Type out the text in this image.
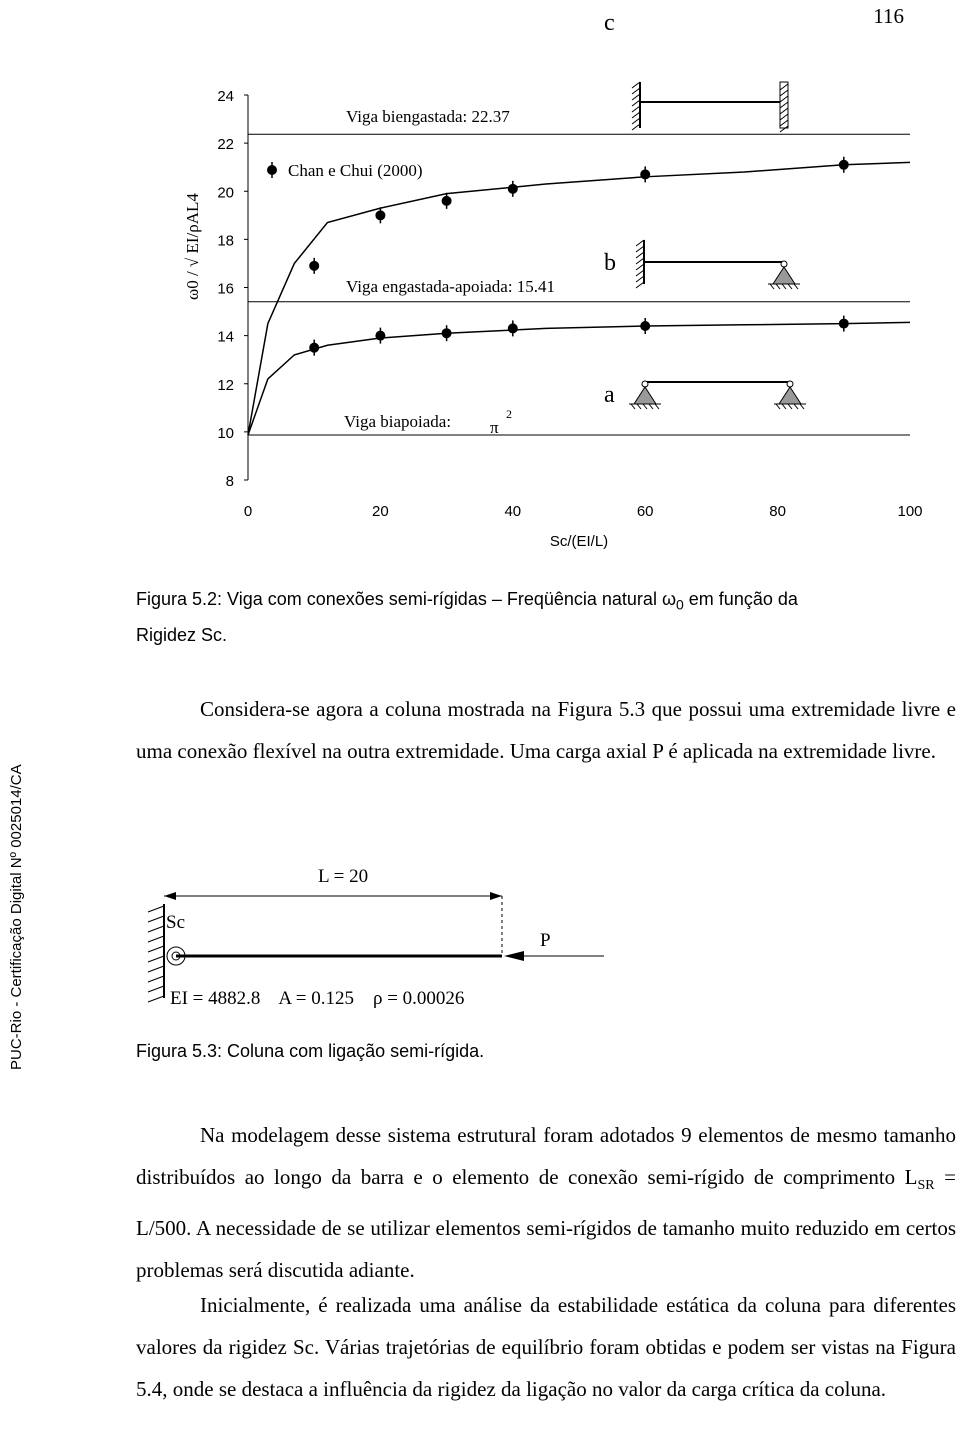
116
PUC-Rio - Certificação Digital Nº 0025014/CA
8
10
12
14
16
18
20
22
24
0	20	40	60	80	100
Sc/(EI/L)
ω0 / √ EI/ρAL4
Viga biengastada: 22.37
Viga engastada-apoiada: 15.41
Viga biapoiada: π
2
Chan e Chui (2000)
c
b
a
Figura 5.2: Viga com conexões semi-rígidas – Freqüência natural $\omega_0$ em função da
Rigidez Sc.
Considera-se agora a coluna mostrada na Figura 5.3 que possui uma extremidade livre e uma conexão flexível na outra extremidade. Uma carga axial P é aplicada na extremidade livre.
L = 20
Sc
P
EI = 4882.8    A = 0.125    ρ = 0.00026
Figura 5.3: Coluna com ligação semi-rígida.
Na modelagem desse sistema estrutural foram adotados 9 elementos de mesmo tamanho distribuídos ao longo da barra e o elemento de conexão semi-rígido de comprimento $L_{SR} = L/500$. A necessidade de se utilizar elementos semi-rígidos de tamanho muito reduzido em certos problemas será discutida adiante.
Inicialmente, é realizada uma análise da estabilidade estática da coluna para diferentes valores da rigidez Sc. Várias trajetórias de equilíbrio foram obtidas e podem ser vistas na Figura 5.4, onde se destaca a influência da rigidez da ligação no valor da carga crítica da coluna.
